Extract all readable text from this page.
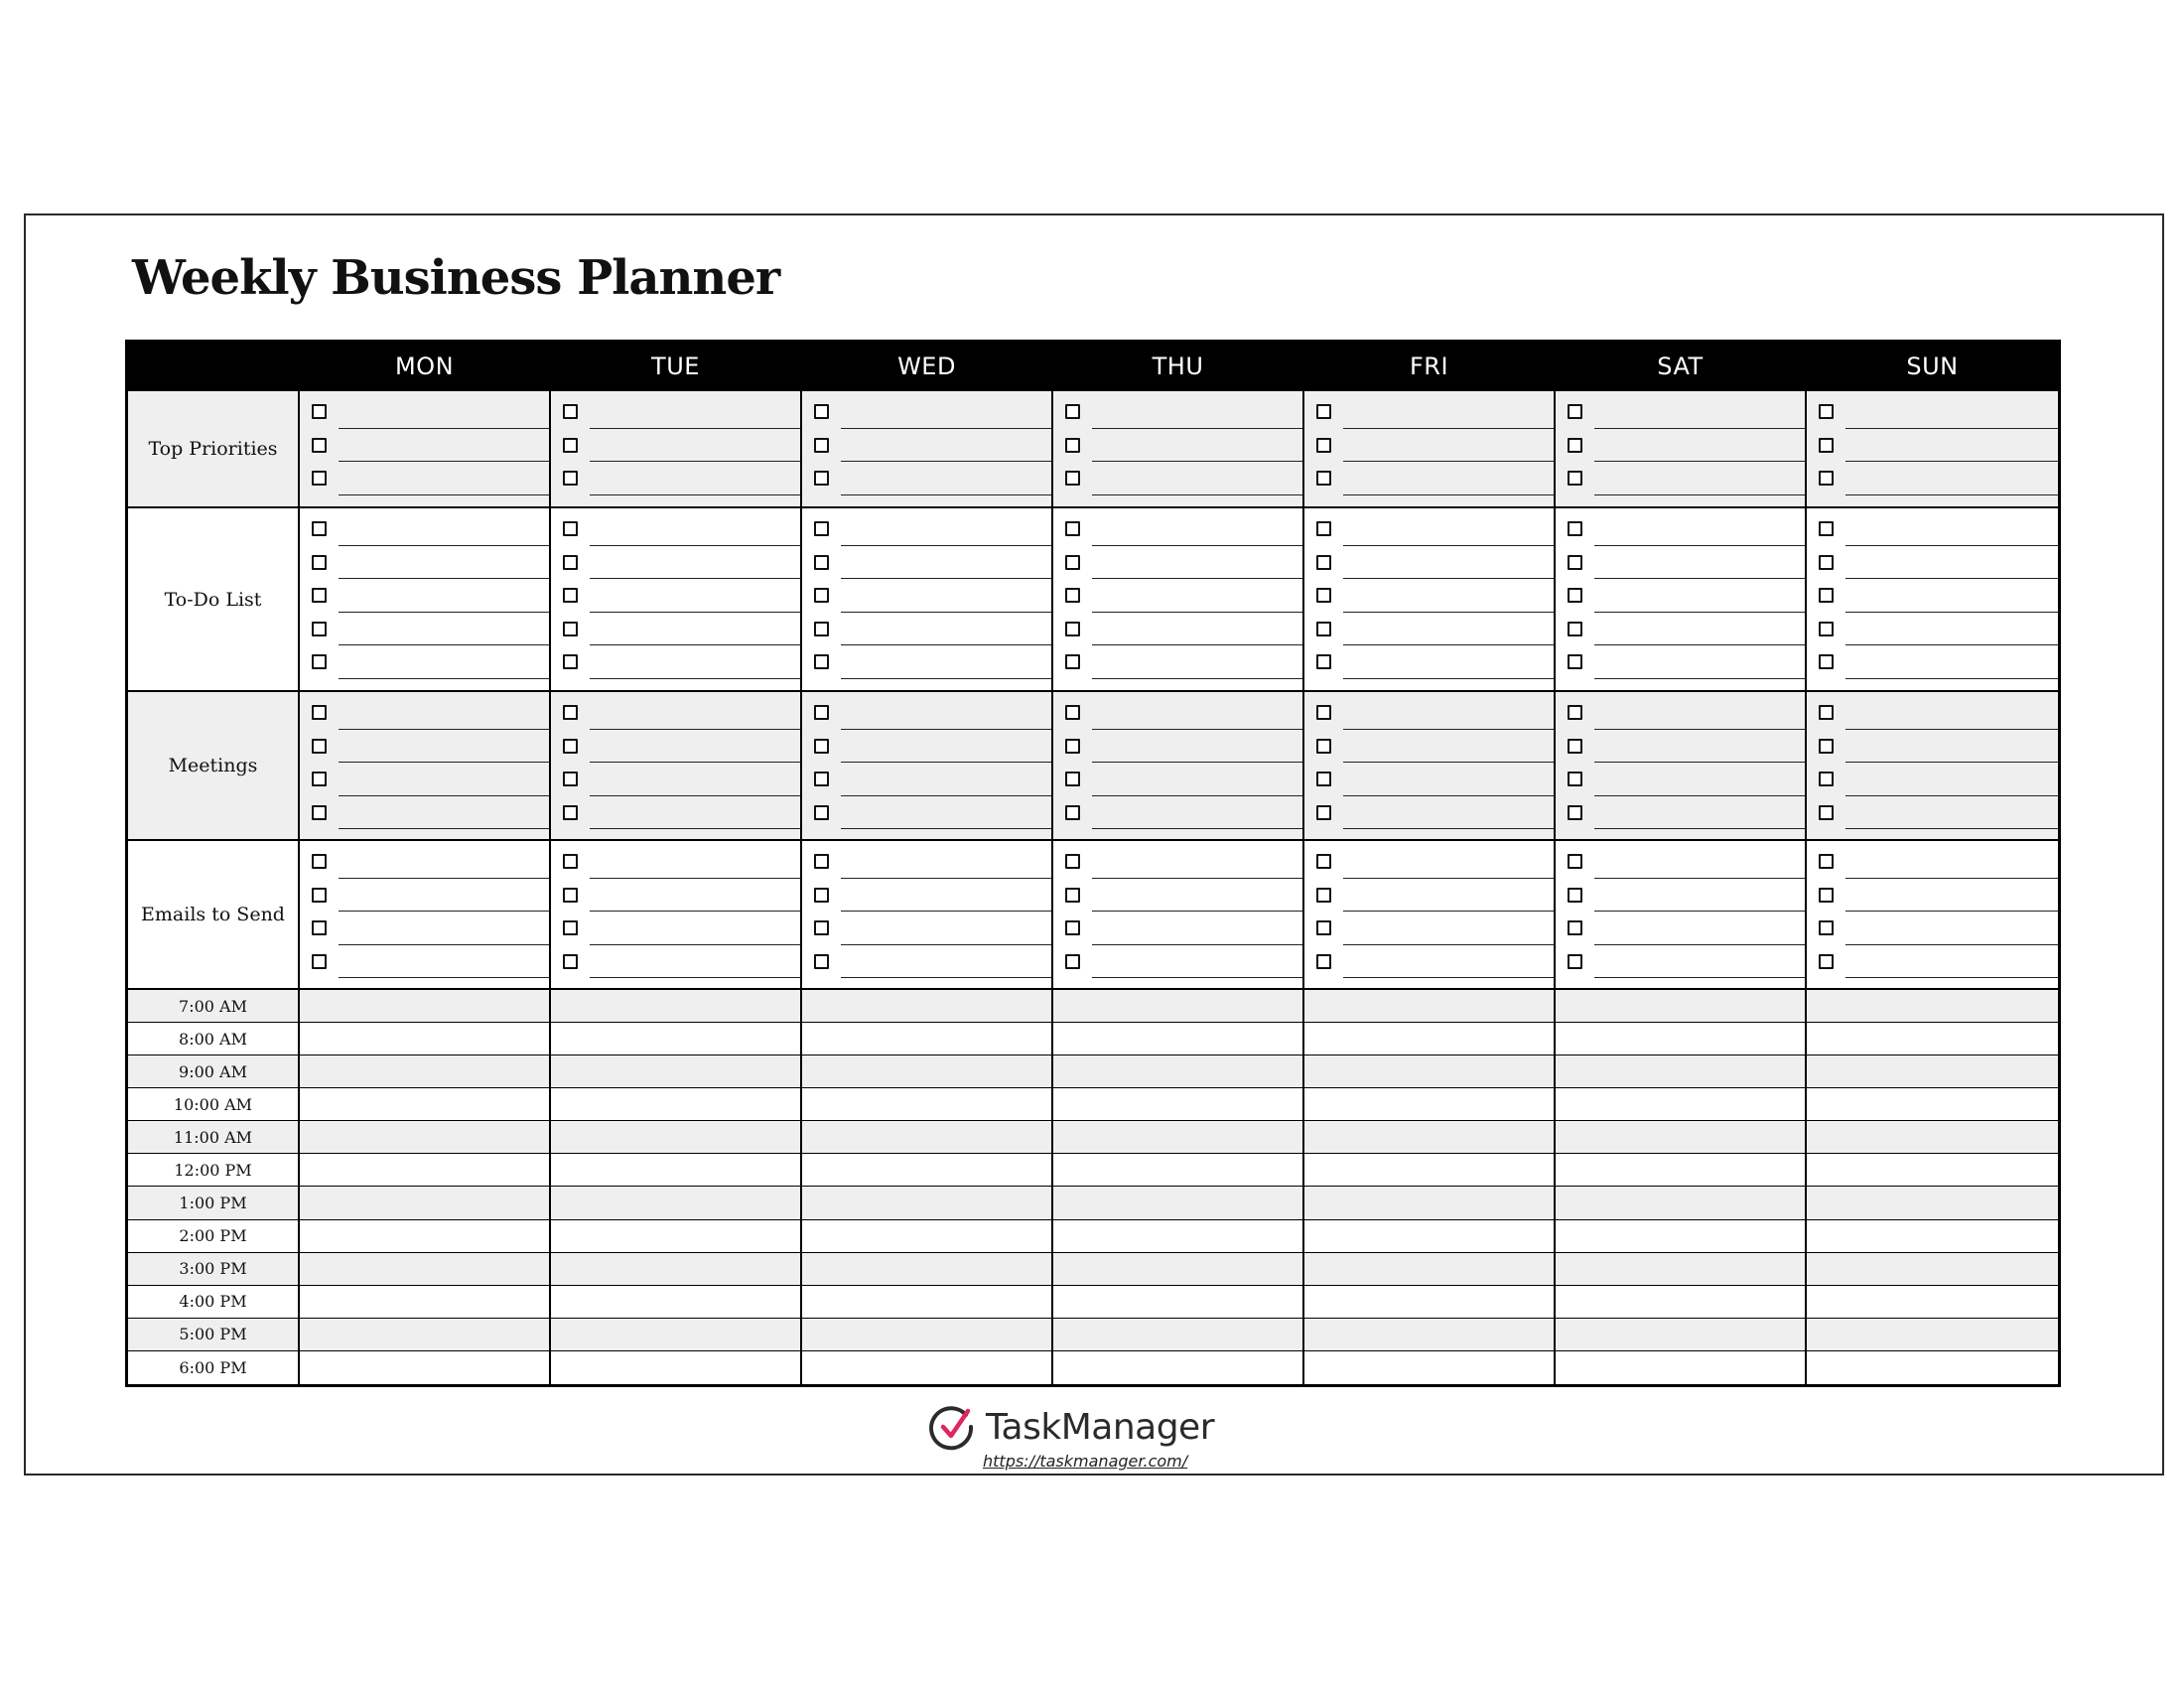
Weekly Business Planner
MON	TUE	WED	THU	FRI	SAT	SUN
Top Priorities
To-Do List
Meetings
Emails to Send
7:00 AM
8:00 AM
9:00 AM
10:00 AM
11:00 AM
12:00 PM
1:00 PM
2:00 PM
3:00 PM
4:00 PM
5:00 PM
6:00 PM
TaskManager
https://taskmanager.com/
